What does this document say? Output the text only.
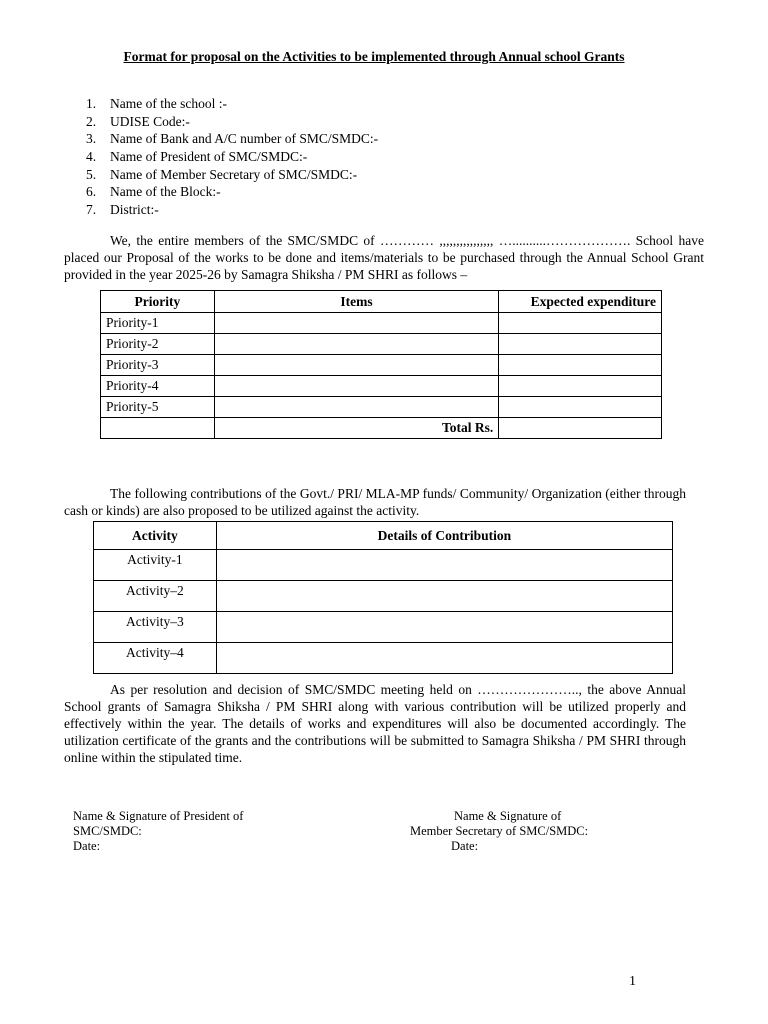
Format for proposal on the Activities to be implemented through Annual school Grants
1. Name of the school :-
2. UDISE Code:-
3. Name of Bank and A/C number of SMC/SMDC:-
4. Name of President of SMC/SMDC:-
5. Name of Member Secretary of SMC/SMDC:-
6. Name of the Block:-
7. District:-

We, the entire members of the SMC/SMDC of ………… ,,,,,,,,,,,,,,,, …..........………………. School have placed our Proposal of the works to be done and items/materials to be purchased through the Annual School Grant provided in the year 2025-26 by Samagra Shiksha / PM SHRI as follows –

Priority	Items	Expected expenditure
Priority-1		
Priority-2		
Priority-3		
Priority-4		
Priority-5		
	Total Rs.	

The following contributions of the Govt./ PRI/ MLA-MP funds/ Community/ Organization (either through cash or kinds) are also proposed to be utilized against the activity.

Activity	Details of Contribution
Activity-1	
Activity–2	
Activity–3	
Activity–4	

As per resolution and decision of SMC/SMDC meeting held on ………………….., the above Annual School grants of Samagra Shiksha / PM SHRI along with various contribution will be utilized properly and effectively within the year. The details of works and expenditures will also be documented accordingly. The utilization certificate of the grants and the contributions will be submitted to Samagra Shiksha / PM SHRI through online within the stipulated time.

Name & Signature of President of
SMC/SMDC:
Date:
Name & Signature of
Member Secretary of SMC/SMDC:
Date:
1
